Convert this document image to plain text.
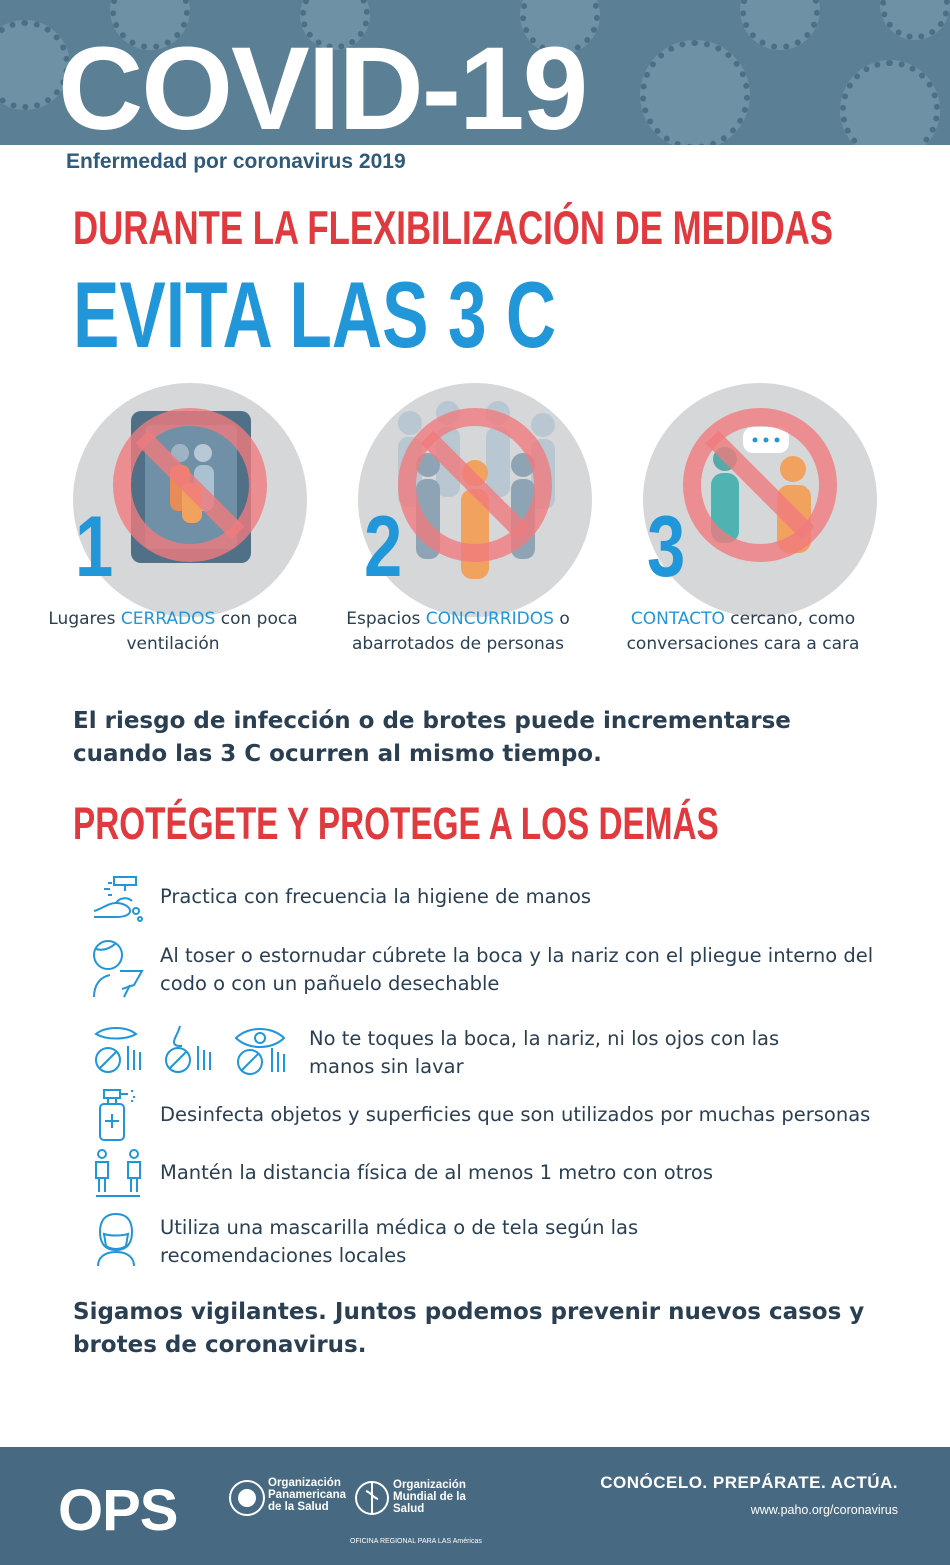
COVID-19
Enfermedad por coronavirus 2019
DURANTE LA FLEXIBILIZACIÓN DE MEDIDAS
EVITA LAS 3 C
1
Lugares CERRADOS con poca ventilación
2
Espacios CONCURRIDOS o abarrotados de personas
3
CONTACTO cercano, como conversaciones cara a cara
El riesgo de infección o de brotes puede incrementarse cuando las 3 C ocurren al mismo tiempo.
PROTÉGETE Y PROTEGE A LOS DEMÁS
Practica con frecuencia la higiene de manos
Al toser o estornudar cúbrete la boca y la nariz con el pliegue interno del codo o con un pañuelo desechable
No te toques la boca, la nariz, ni los ojos con las manos sin lavar
Desinfecta objetos y superficies que son utilizados por muchas personas
Mantén la distancia física de al menos 1 metro con otros
Utiliza una mascarilla médica o de tela según las recomendaciones locales
Sigamos vigilantes. Juntos podemos prevenir nuevos casos y brotes de coronavirus.
OPS	Organización Panamericana de la Salud
Organización Mundial de la Salud
OFICINA REGIONAL PARA LAS Américas
CONÓCELO. PREPÁRATE. ACTÚA.
www.paho.org/coronavirus
